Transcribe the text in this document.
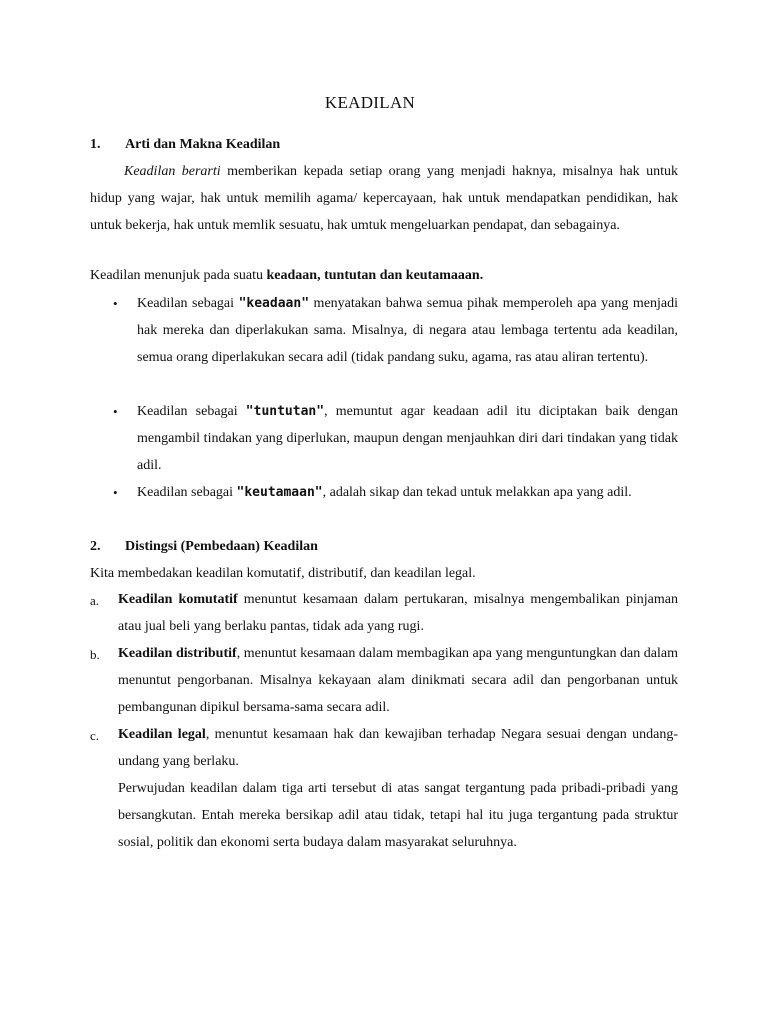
KEADILAN
1. Arti dan Makna Keadilan

Keadilan berarti memberikan kepada setiap orang yang menjadi haknya, misalnya hak untuk hidup yang wajar, hak untuk memilih agama/ kepercayaan, hak untuk mendapatkan pendidikan, hak untuk bekerja, hak untuk memlik sesuatu, hak umtuk mengeluarkan pendapat, dan sebagainya.

Keadilan menunjuk pada suatu keadaan, tuntutan dan keutamaaan.
• Keadilan sebagai "keadaan" menyatakan bahwa semua pihak memperoleh apa yang menjadi hak mereka dan diperlakukan sama. Misalnya, di negara atau lembaga tertentu ada keadilan, semua orang diperlakukan secara adil (tidak pandang suku, agama, ras atau aliran tertentu).
• Keadilan sebagai "tuntutan", memuntut agar keadaan adil itu diciptakan baik dengan mengambil tindakan yang diperlukan, maupun dengan menjauhkan diri dari tindakan yang tidak adil.
• Keadilan sebagai "keutamaan", adalah sikap dan tekad untuk melakkan apa yang adil.
2. Distingsi (Pembedaan) Keadilan
Kita membedakan keadilan komutatif, distributif, dan keadilan legal.
a. Keadilan komutatif menuntut kesamaan dalam pertukaran, misalnya mengembalikan pinjaman atau jual beli yang berlaku pantas, tidak ada yang rugi.
b. Keadilan distributif, menuntut kesamaan dalam membagikan apa yang menguntungkan dan dalam menuntut pengorbanan. Misalnya kekayaan alam dinikmati secara adil dan pengorbanan untuk pembangunan dipikul bersama-sama secara adil.
c. Keadilan legal, menuntut kesamaan hak dan kewajiban terhadap Negara sesuai dengan undang-undang yang berlaku.
Perwujudan keadilan dalam tiga arti tersebut di atas sangat tergantung pada pribadi-pribadi yang bersangkutan. Entah mereka bersikap adil atau tidak, tetapi hal itu juga tergantung pada struktur sosial, politik dan ekonomi serta budaya dalam masyarakat seluruhnya.
